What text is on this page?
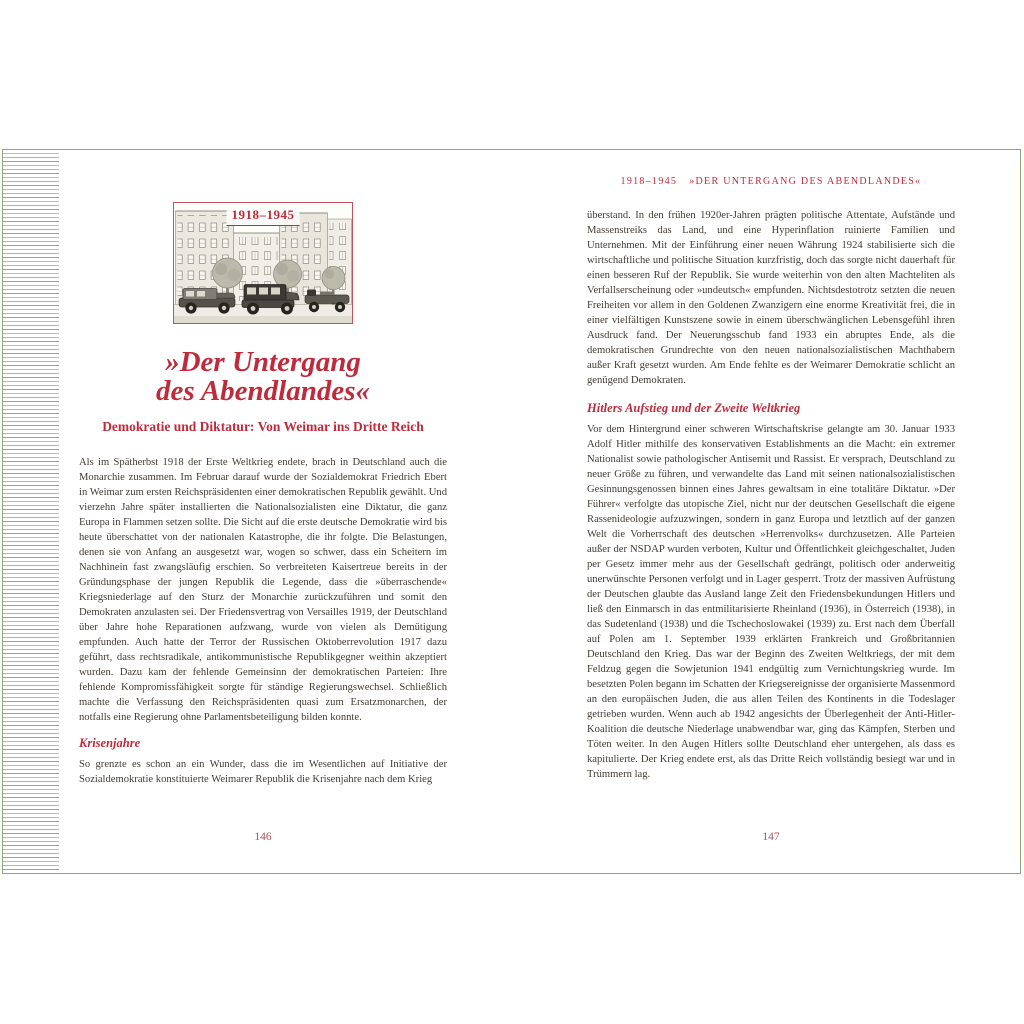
1918–1945
»Der Untergang
des Abendlandes«
Demokratie und Diktatur: Von Weimar ins Dritte Reich

Als im Spätherbst 1918 der Erste Weltkrieg endete, brach in Deutschland auch die Monarchie zusammen. Im Februar darauf wurde der Sozialdemokrat Friedrich Ebert in Weimar zum ersten Reichspräsidenten einer demokratischen Republik gewählt. Und vierzehn Jahre später installierten die Nationalsozialisten eine Diktatur, die ganz Europa in Flammen setzen sollte. Die Sicht auf die erste deutsche Demokratie wird bis heute überschattet von der nationalen Katastrophe, die ihr folgte. Die Belastungen, denen sie von Anfang an ausgesetzt war, wogen so schwer, dass ein Scheitern im Nachhinein fast zwangsläufig erschien. So verbreiteten Kaisertreue bereits in der Gründungsphase der jungen Republik die Legende, dass die »überraschende« Kriegsniederlage auf den Sturz der Monarchie zurückzuführen und somit den Demokraten anzulasten sei. Der Friedensvertrag von Versailles 1919, der Deutschland über Jahre hohe Reparationen aufzwang, wurde von vielen als Demütigung empfunden. Auch hatte der Terror der Russischen Oktoberrevolution 1917 dazu geführt, dass rechtsradikale, antikommunistische Republikgegner weithin akzeptiert wurden. Dazu kam der fehlende Gemeinsinn der demokratischen Parteien: Ihre fehlende Kompromissfähigkeit sorgte für ständige Regierungswechsel. Schließlich machte die Verfassung den Reichspräsidenten quasi zum Ersatzmonarchen, der notfalls eine Regierung ohne Parlamentsbeteiligung bilden konnte.

Krisenjahre

So grenzte es schon an ein Wunder, dass die im Wesentlichen auf Initiative der Sozialdemokratie konstituierte Weimarer Republik die Krisenjahre nach dem Krieg

146
1918–1945 »DER UNTERGANG DES ABENDLANDES«

überstand. In den frühen 1920er-Jahren prägten politische Attentate, Aufstände und Massenstreiks das Land, und eine Hyperinflation ruinierte Familien und Unternehmen. Mit der Einführung einer neuen Währung 1924 stabilisierte sich die wirtschaftliche und politische Situation kurzfristig, doch das sorgte nicht dauerhaft für einen besseren Ruf der Republik. Sie wurde weiterhin von den alten Machteliten als Verfallserscheinung oder »undeutsch« empfunden. Nichtsdestotrotz setzten die neuen Freiheiten vor allem in den Goldenen Zwanzigern eine enorme Kreativität frei, die in einer vielfältigen Kunstszene sowie in einem überschwänglichen Lebensgefühl ihren Ausdruck fand. Der Neuerungsschub fand 1933 ein abruptes Ende, als die demokratischen Grundrechte von den neuen nationalsozialistischen Machthabern außer Kraft gesetzt wurden. Am Ende fehlte es der Weimarer Demokratie schlicht an genügend Demokraten.

Hitlers Aufstieg und der Zweite Weltkrieg

Vor dem Hintergrund einer schweren Wirtschaftskrise gelangte am 30. Januar 1933 Adolf Hitler mithilfe des konservativen Establishments an die Macht: ein extremer Nationalist sowie pathologischer Antisemit und Rassist. Er versprach, Deutschland zu neuer Größe zu führen, und verwandelte das Land mit seinen nationalsozialistischen Gesinnungsgenossen binnen eines Jahres gewaltsam in eine totalitäre Diktatur. »Der Führer« verfolgte das utopische Ziel, nicht nur der deutschen Gesellschaft die eigene Rassenideologie aufzuzwingen, sondern in ganz Europa und letztlich auf der ganzen Welt die Vorherrschaft des deutschen »Herrenvolks« durchzusetzen. Alle Parteien außer der NSDAP wurden verboten, Kultur und Öffentlichkeit gleichgeschaltet, Juden per Gesetz immer mehr aus der Gesellschaft gedrängt, politisch oder anderweitig unerwünschte Personen verfolgt und in Lager gesperrt. Trotz der massiven Aufrüstung der Deutschen glaubte das Ausland lange Zeit den Friedensbekundungen Hitlers und ließ den Einmarsch in das entmilitarisierte Rheinland (1936), in Österreich (1938), in das Sudetenland (1938) und die Tschechoslowakei (1939) zu. Erst nach dem Überfall auf Polen am 1. September 1939 erklärten Frankreich und Großbritannien Deutschland den Krieg. Das war der Beginn des Zweiten Weltkriegs, der mit dem Feldzug gegen die Sowjetunion 1941 endgültig zum Vernichtungskrieg wurde. Im besetzten Polen begann im Schatten der Kriegsereignisse der organisierte Massenmord an den europäischen Juden, die aus allen Teilen des Kontinents in die Todeslager getrieben wurden. Wenn auch ab 1942 angesichts der Überlegenheit der Anti-Hitler-Koalition die deutsche Niederlage unabwendbar war, ging das Kämpfen, Sterben und Töten weiter. In den Augen Hitlers sollte Deutschland eher untergehen, als dass es kapitulierte. Der Krieg endete erst, als das Dritte Reich vollständig besiegt war und in Trümmern lag.

147
